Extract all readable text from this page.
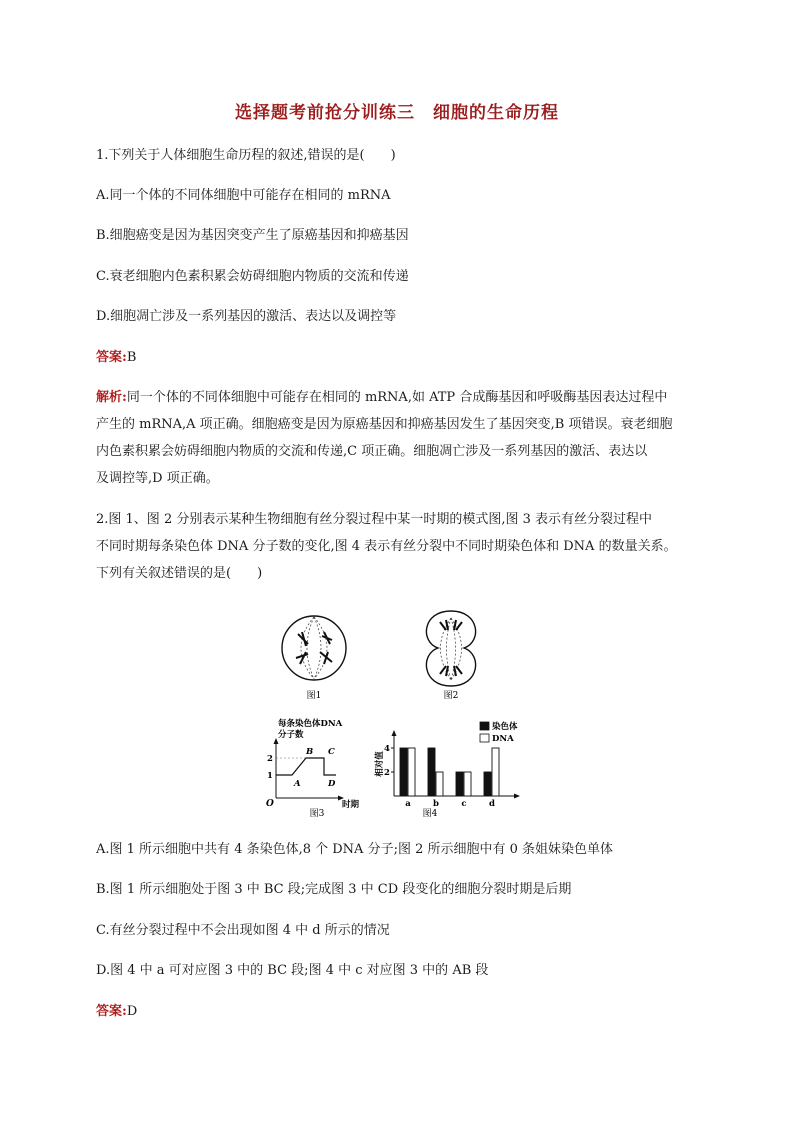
选择题考前抢分训练三　细胞的生命历程
1.下列关于人体细胞生命历程的叙述,错误的是(　　)
A.同一个体的不同体细胞中可能存在相同的 mRNA
B.细胞癌变是因为基因突变产生了原癌基因和抑癌基因
C.衰老细胞内色素积累会妨碍细胞内物质的交流和传递
D.细胞凋亡涉及一系列基因的激活、表达以及调控等
答案:B
解析:同一个体的不同体细胞中可能存在相同的 mRNA,如 ATP 合成酶基因和呼吸酶基因表达过程中
产生的 mRNA,A 项正确。细胞癌变是因为原癌基因和抑癌基因发生了基因突变,B 项错误。衰老细胞
内色素积累会妨碍细胞内物质的交流和传递,C 项正确。细胞凋亡涉及一系列基因的激活、表达以
及调控等,D 项正确。
2.图 1、图 2 分别表示某种生物细胞有丝分裂过程中某一时期的模式图,图 3 表示有丝分裂过程中
不同时期每条染色体 DNA 分子数的变化,图 4 表示有丝分裂中不同时期染色体和 DNA 的数量关系。
下列有关叙述错误的是(　　)
图1	图2
每条染色体DNA
分子数
O
2
1
A
B C
D
时期
图3
相对值 2
4
a	b	c	d
染色体
DNA
图4
A.图 1 所示细胞中共有 4 条染色体,8 个 DNA 分子;图 2 所示细胞中有 0 条姐妹染色单体
B.图 1 所示细胞处于图 3 中 BC 段;完成图 3 中 CD 段变化的细胞分裂时期是后期
C.有丝分裂过程中不会出现如图 4 中 d 所示的情况
D.图 4 中 a 可对应图 3 中的 BC 段;图 4 中 c 对应图 3 中的 AB 段
答案:D
